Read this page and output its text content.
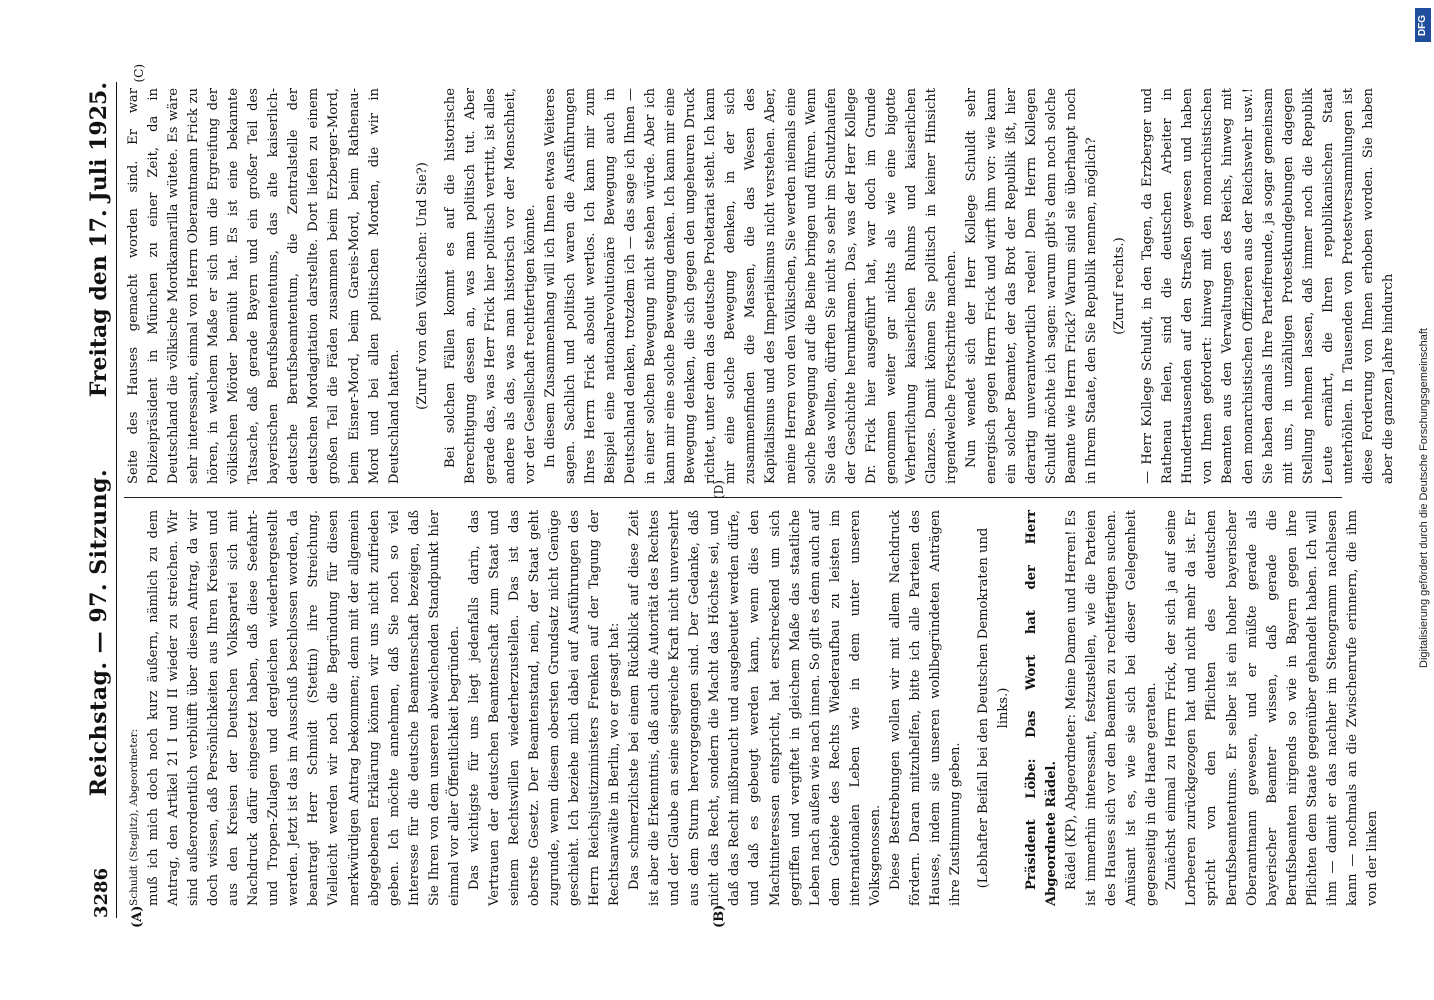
3286
Reichstag. — 97. Sitzung.
Freitag den 17. Juli 1925.
(A)	(B)

Schuldt (Steglitz), Abgeordneter: muß ich mich doch noch kurz äußern, nämlich zu dem Antrag, den Artikel 21 I und II wieder zu streichen. Wir sind außerordentlich verblüfft über diesen Antrag, da wir doch wissen, daß Persönlichkeiten aus Ihren Kreisen und aus den Kreisen der Deutschen Volkspartei sich mit Nachdruck dafür eingesetzt haben, daß diese Seefahrt- und Tropen-Zulagen und dergleichen wiederhergestellt werden. Jetzt ist das im Ausschuß beschlossen worden, da beantragt Herr Schmidt (Stettin) ihre Streichung. Vielleicht werden wir noch die Begründung für diesen merkwürdigen Antrag bekommen; denn mit der allgemein abgegebenen Erklärung können wir uns nicht zufrieden geben. Ich möchte annehmen, daß Sie noch so viel Interesse für die deutsche Beamtenschaft bezeigen, daß Sie Ihren von dem unseren abweichenden Standpunkt hier einmal vor aller Öffentlichkeit begründen. Das wichtigste für uns liegt jedenfalls darin, das Vertrauen der deutschen Beamtenschaft zum Staat und seinem Rechtswillen wiederherzustellen. Das ist das oberste Gesetz. Der Beamtenstand, nein, der Staat geht zugrunde, wenn diesem obersten Grundsatz nicht Genüge geschieht. Ich beziehe mich dabei auf Ausführungen des Herrn Reichsjustizministers Frenken auf der Tagung der Rechtsanwälte in Berlin, wo er gesagt hat: Das schmerzlichste bei einem Rückblick auf diese Zeit ist aber die Erkenntnis, daß auch die Autorität des Rechtes und der Glaube an seine siegreiche Kraft nicht unversehrt aus dem Sturm hervorgegangen sind. Der Gedanke, daß nicht das Recht, sondern die Macht das Höchste sei, und daß das Recht mißbraucht und ausgebeutet werden dürfe, und daß es gebeugt werden kann, wenn dies den Machtinteressen entspricht, hat erschreckend um sich gegriffen und vergiftet in gleichem Maße das staatliche Leben nach außen wie nach innen. So gilt es denn auch auf dem Gebiete des Rechts Wiederaufbau zu leisten im internationalen Leben wie in dem unter unseren Volksgenossen. Diese Bestrebungen wollen wir mit allem Nachdruck fördern. Daran mitzuhelfen, bitte ich alle Parteien des Hauses, indem sie unseren wohlbegründeten Anträgen ihre Zustimmung geben. (Lebhafter Beifall bei den Deutschen Demokraten und links.) Präsident Löbe: Das Wort hat der Herr Abgeordnete Rädel. Rädel (KP), Abgeordneter: Meine Damen und Herren! Es ist immerhin interessant, festzustellen, wie die Parteien des Hauses sich vor den Beamten zu rechtfertigen suchen. Amüsant ist es, wie sie sich bei dieser Gelegenheit gegenseitig in die Haare geraten. Zunächst einmal zu Herrn Frick, der sich ja auf seine Lorbeeren zurückgezogen hat und nicht mehr da ist. Er spricht von den Pflichten des deutschen Berufsbeamtentums. Er selber ist ein hoher bayerischer Oberamtmann gewesen, und er müßte gerade als bayerischer Beamter wissen, daß gerade die Berufsbeamten nirgends so wie in Bayern gegen ihre Pflichten dem Staate gegenüber gehandelt haben. Ich will ihm — damit er das nachher im Stenogramm nachlesen kann — nochmals an die Zwischenrufe erinnern, die ihm von der linken

(D)

Seite des Hauses gemacht worden sind. Er war Polizeipräsident in München zu einer Zeit, da in Deutschland die völkische Mordkamarilla wütete. Es wäre sehr interessant, einmal von Herrn Oberamtmann Frick zu hören, in welchem Maße er sich um die Ergreifung der völkischen Mörder bemüht hat. Es ist eine bekannte Tatsache, daß gerade Bayern und ein großer Teil des bayerischen Berufsbeamtentums, das alte kaiserlich-deutsche Berufsbeamtentum, die Zentralstelle der deutschen Mordagitation darstellte. Dort liefen zu einem großen Teil die Fäden zusammen beim Erzberger-Mord, beim Eisner-Mord, beim Gareis-Mord, beim Rathenau-Mord und bei allen politischen Morden, die wir in Deutschland hatten.

(Zuruf von den Völkischen: Und Sie?) Bei solchen Fällen kommt es auf die historische Berechtigung dessen an, was man politisch tut. Aber gerade das, was Herr Frick hier politisch vertritt, ist alles andere als das, was man historisch vor der Menschheit, vor der Gesellschaft rechtfertigen könnte. In diesem Zusammenhang will ich Ihnen etwas Weiteres sagen. Sachlich und politisch waren die Ausführungen Ihres Herrn Frick absolut wertlos. Ich kann mir zum Beispiel eine nationalrevolutionäre Bewegung auch in Deutschland denken, trotzdem ich — das sage ich Ihnen — in einer solchen Bewegung nicht stehen würde. Aber ich kann mir eine solche Bewegung denken. Ich kann mir eine Bewegung denken, die sich gegen den ungeheuren Druck richtet, unter dem das deutsche Proletariat steht. Ich kann mir eine solche Bewegung denken, in der sich zusammenfinden die Massen, die das Wesen des Kapitalismus und des Imperialismus nicht verstehen. Aber, meine Herren von den Völkischen, Sie werden niemals eine solche Bewegung auf die Beine bringen und führen. Wenn Sie das wollten, dürften Sie nicht so sehr im Schutzhaufen der Geschichte herumkramen. Das, was der Herr Kollege Dr. Frick hier ausgeführt hat, war doch im Grunde genommen weiter gar nichts als wie eine bigotte Verherrlichung kaiserlichen Ruhms und kaiserlichen Glanzes. Damit können Sie politisch in keiner Hinsicht irgendwelche Fortschritte machen. Nun wendet sich der Herr Kollege Schuldt sehr energisch gegen Herrn Frick und wirft ihm vor: wie kann ein solcher Beamter, der das Brot der Republik ißt, hier derartig unverantwortlich reden! Dem Herrn Kollegen Schuldt möchte ich sagen: warum gibt's denn noch solche Beamte wie Herrn Frick? Warum sind sie überhaupt noch in Ihrem Staate, den Sie Republik nennen, möglich? (Zuruf rechts.) — Herr Kollege Schuldt, in den Tagen, da Erzberger und Rathenau fielen, sind die deutschen Arbeiter in Hunderttausenden auf den Straßen gewesen und haben von Ihnen gefordert: hinweg mit den monarchistischen Beamten aus den Verwaltungen des Reichs, hinweg mit den monarchistischen Offizieren aus der Reichswehr usw.! Sie haben damals Ihre Parteifreunde, ja sogar gemeinsam mit uns, in unzähligen Protestkundgebungen dagegen Stellung nehmen lassen, daß immer noch die Republik Leute ernährt, die Ihren republikanischen Staat unterhöhlen. In Tausenden von Protestversammlungen ist diese Forderung von Ihnen erhoben worden. Sie haben aber die ganzen Jahre hindurch

(C)
DFG
Digitalisierung gefördert durch die Deutsche Forschungsgemeinschaft
